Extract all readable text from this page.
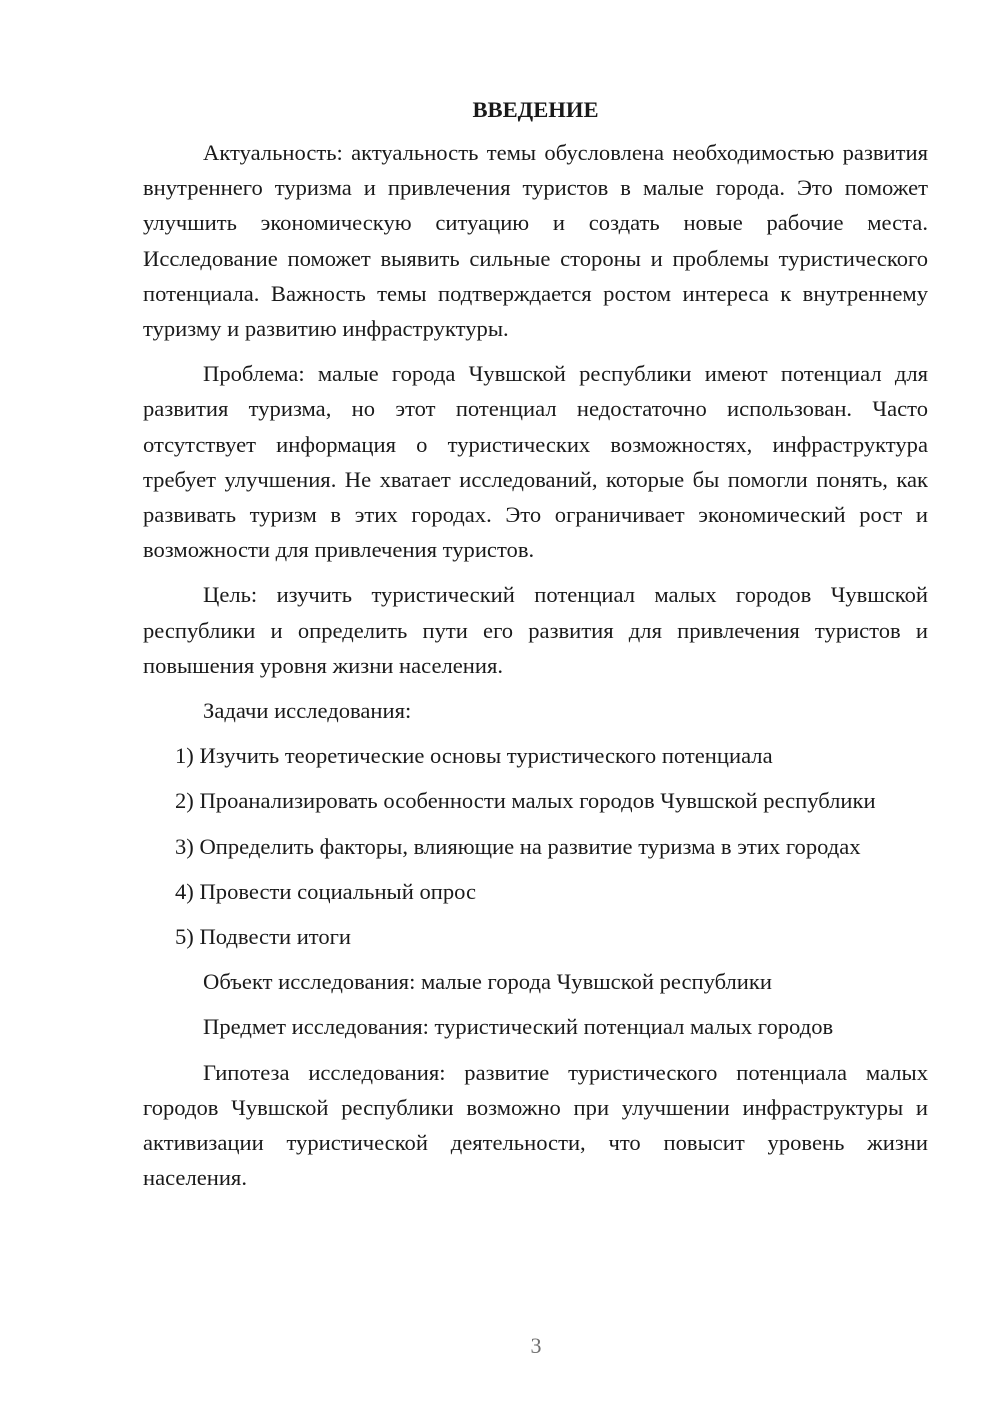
ВВЕДЕНИЕ

Актуальность: актуальность темы обусловлена необходимостью развития внутреннего туризма и привлечения туристов в малые города. Это поможет улучшить экономическую ситуацию и создать новые рабочие места. Исследование поможет выявить сильные стороны и проблемы туристического потенциала. Важность темы подтверждается ростом интереса к внутреннему туризму и развитию инфраструктуры.

Проблема: малые города Чувшской республики имеют потенциал для развития туризма, но этот потенциал недостаточно использован. Часто отсутствует информация о туристических возможностях, инфраструктура требует улучшения. Не хватает исследований, которые бы помогли понять, как развивать туризм в этих городах. Это ограничивает экономический рост и возможности для привлечения туристов.

Цель: изучить туристический потенциал малых городов Чувшской республики и определить пути его развития для привлечения туристов и повышения уровня жизни населения.

Задачи исследования:

1) Изучить теоретические основы туристического потенциала

2) Проанализировать особенности малых городов Чувшской республики

3) Определить факторы, влияющие на развитие туризма в этих городах

4) Провести социальный опрос

5) Подвести итоги

Объект исследования: малые города Чувшской республики

Предмет исследования: туристический потенциал малых городов

Гипотеза исследования: развитие туристического потенциала малых городов Чувшской республики возможно при улучшении инфраструктуры и активизации туристической деятельности, что повысит уровень жизни населения.

3
